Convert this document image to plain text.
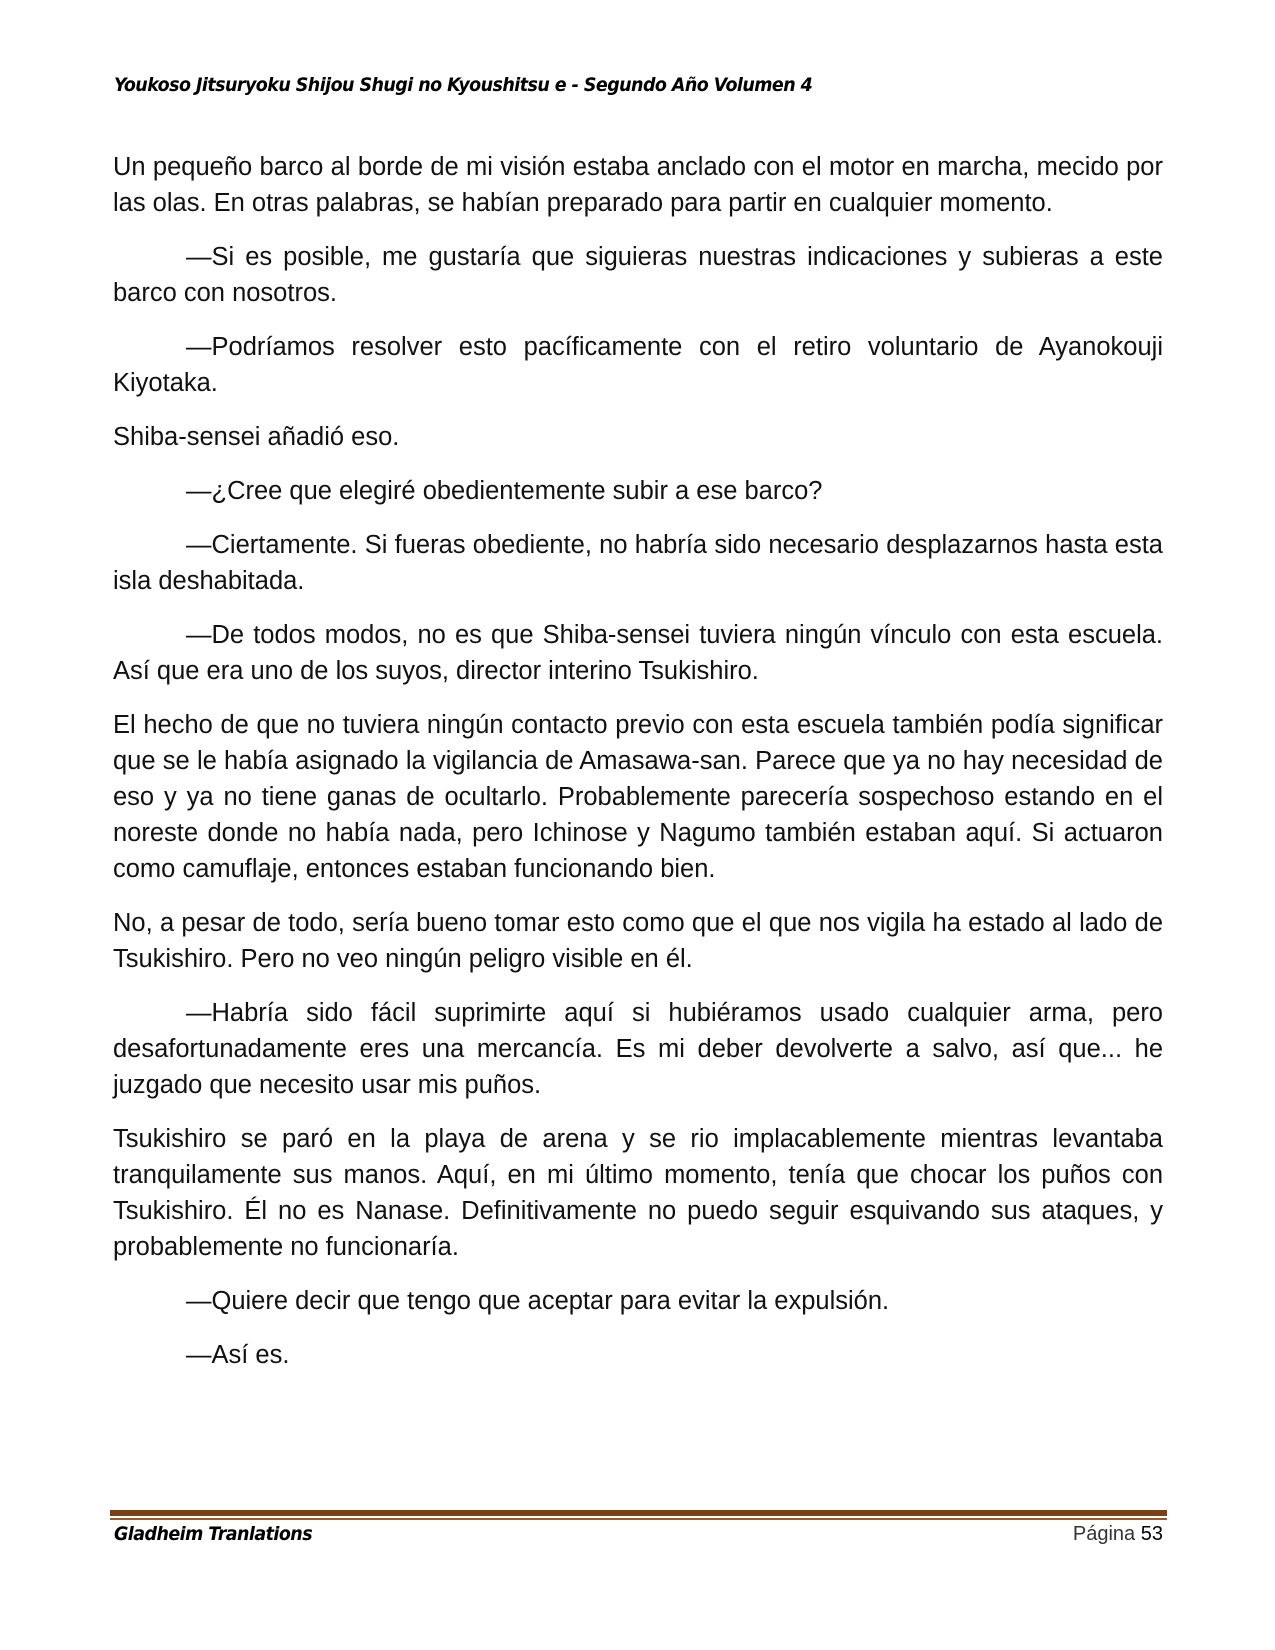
Youkoso Jitsuryoku Shijou Shugi no Kyoushitsu e - Segundo Año Volumen 4

Un pequeño barco al borde de mi visión estaba anclado con el motor en marcha, mecido por las olas. En otras palabras, se habían preparado para partir en cualquier momento.

—Si es posible, me gustaría que siguieras nuestras indicaciones y subieras a este barco con nosotros.

—Podríamos resolver esto pacíficamente con el retiro voluntario de Ayanokouji Kiyotaka.

Shiba-sensei añadió eso.

—¿Cree que elegiré obedientemente subir a ese barco?

—Ciertamente. Si fueras obediente, no habría sido necesario desplazarnos hasta esta isla deshabitada.

—De todos modos, no es que Shiba-sensei tuviera ningún vínculo con esta escuela. Así que era uno de los suyos, director interino Tsukishiro.

El hecho de que no tuviera ningún contacto previo con esta escuela también podía significar que se le había asignado la vigilancia de Amasawa-san. Parece que ya no hay necesidad de eso y ya no tiene ganas de ocultarlo. Probablemente parecería sospechoso estando en el noreste donde no había nada, pero Ichinose y Nagumo también estaban aquí. Si actuaron como camuflaje, entonces estaban funcionando bien.

No, a pesar de todo, sería bueno tomar esto como que el que nos vigila ha estado al lado de Tsukishiro. Pero no veo ningún peligro visible en él.

—Habría sido fácil suprimirte aquí si hubiéramos usado cualquier arma, pero desafortunadamente eres una mercancía. Es mi deber devolverte a salvo, así que... he juzgado que necesito usar mis puños.

Tsukishiro se paró en la playa de arena y se rio implacablemente mientras levantaba tranquilamente sus manos. Aquí, en mi último momento, tenía que chocar los puños con Tsukishiro. Él no es Nanase. Definitivamente no puedo seguir esquivando sus ataques, y probablemente no funcionaría.

—Quiere decir que tengo que aceptar para evitar la expulsión.

—Así es.

Gladheim Tranlations	Página 53
